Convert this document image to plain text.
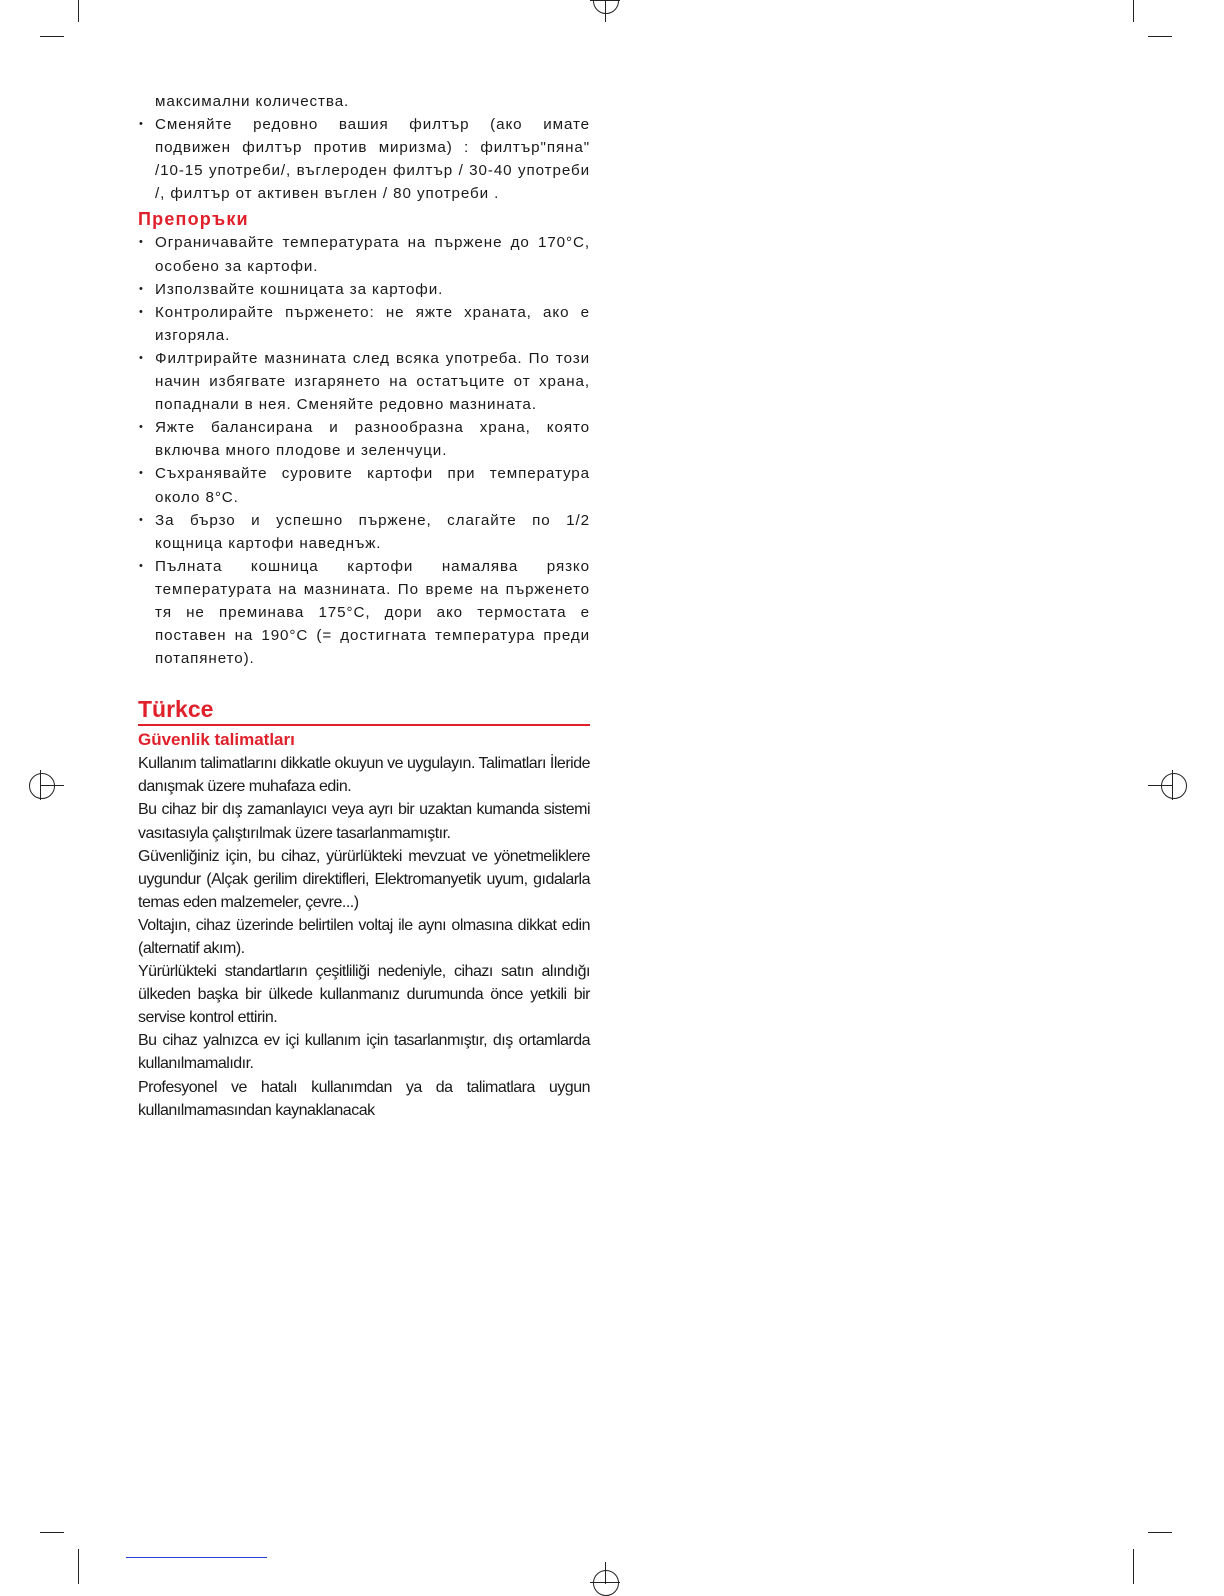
максимални количества.

• Сменяйте редовно вашия филтър (ако имате подвижен филтър против миризма) : филтър"пяна" /10-15 употреби/, въглероден филтър / 30-40 употреби /, филтър от активен въглен / 80 употреби .
Препоръки
• Ограничавайте температурата на пържене до 170°C, особено за картофи.
• Използвайте кошницата за картофи.
• Контролирайте пърженето: не яжте храната, ако е изгоряла.
• Филтрирайте мазнината след всяка употреба. По този начин избягвате изгарянето на остатъците от храна, попаднали в нея. Сменяйте редовно мазнината.
• Яжте балансирана и разнообразна храна, която включва много плодове и зеленчуци.
• Съхранявайте суровите картофи при температура около 8°C.
• За бързо и успешно пържене, слагайте по 1/2 кощница картофи наведнъж.
• Пълната кошница картофи намалява рязко температурата на мазнината. По време на пърженето тя не преминава 175°C, дори ако термостата е поставен на 190°C (= достигната температура преди потапянето).
Türkce
Güvenlik talimatları

Kullanım talimatlarını dikkatle okuyun ve uygulayın. Talimatları İleride danışmak üzere muhafaza edin.

Bu cihaz bir dış zamanlayıcı veya ayrı bir uzaktan kumanda sistemi vasıtasıyla çalıştırılmak üzere tasarlanmamıştır.

Güvenliğiniz için, bu cihaz, yürürlükteki mevzuat ve yönetmeliklere uygundur (Alçak gerilim direktifleri, Elektromanyetik uyum, gıdalarla temas eden malzemeler, çevre...)

Voltajın, cihaz üzerinde belirtilen voltaj ile aynı olmasına dikkat edin (alternatif akım).

Yürürlükteki standartların çeşitliliği nedeniyle, cihazı satın alındığı ülkeden başka bir ülkede kullanmanız durumunda önce yetkili bir servise kontrol ettirin.

Bu cihaz yalnızca ev içi kullanım için tasarlanmıştır, dış ortamlarda kullanılmamalıdır.

Profesyonel ve hatalı kullanımdan ya da talimatlara uygun kullanılmamasından kaynaklanacak
